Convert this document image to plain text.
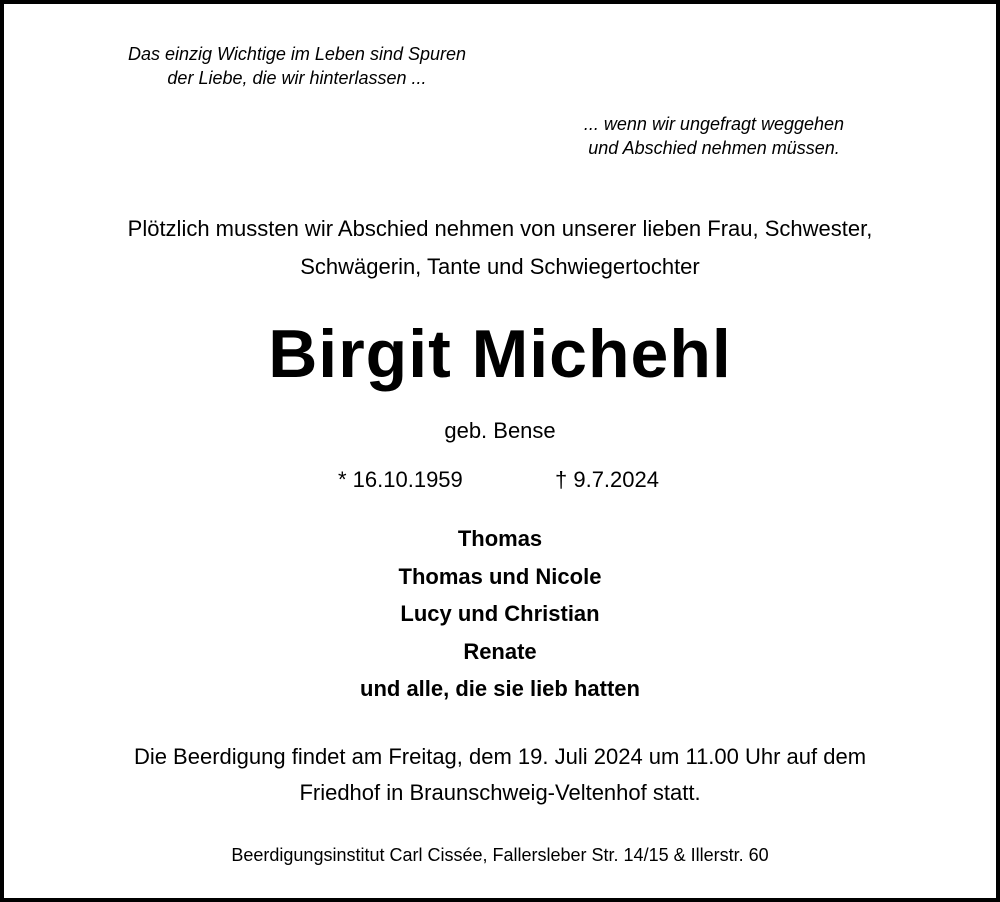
Das einzig Wichtige im Leben sind Spuren
der Liebe, die wir hinterlassen ...
... wenn wir ungefragt weggehen
und Abschied nehmen müssen.
Plötzlich mussten wir Abschied nehmen von unserer lieben Frau, Schwester,
Schwägerin, Tante und Schwiegertochter
Birgit Michehl
geb. Bense
* 16.10.1959	† 9.7.2024
Thomas
Thomas und Nicole
Lucy und Christian
Renate
und alle, die sie lieb hatten
Die Beerdigung findet am Freitag, dem 19. Juli 2024 um 11.00 Uhr auf dem
Friedhof in Braunschweig-Veltenhof statt.
Beerdigungsinstitut Carl Cissée, Fallersleber Str. 14/15 & Illerstr. 60
